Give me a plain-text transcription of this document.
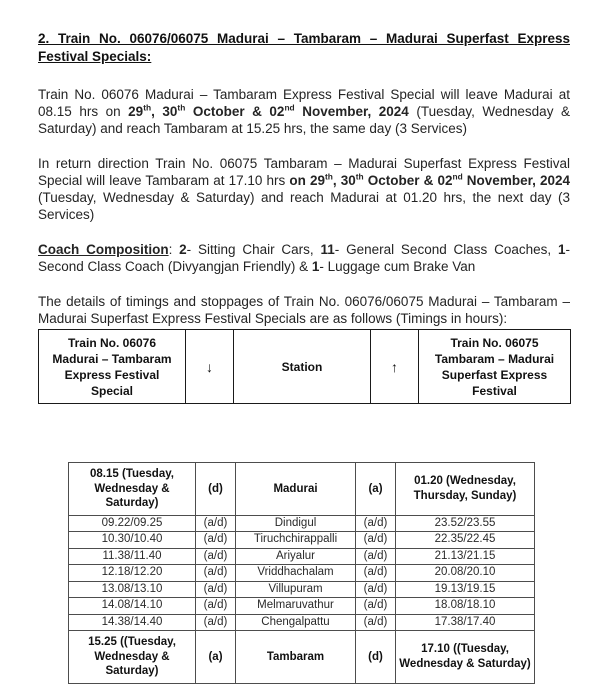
2. Train No. 06076/06075 Madurai – Tambaram – Madurai Superfast Express Festival Specials:

Train No. 06076 Madurai – Tambaram Express Festival Special will leave Madurai at 08.15 hrs on 29th, 30th October & 02nd November, 2024 (Tuesday, Wednesday & Saturday) and reach Tambaram at 15.25 hrs, the same day (3 Services)

In return direction Train No. 06075 Tambaram – Madurai Superfast Express Festival Special will leave Tambaram at 17.10 hrs on 29th, 30th October & 02nd November, 2024 (Tuesday, Wednesday & Saturday) and reach Madurai at 01.20 hrs, the next day (3 Services)

Coach Composition: 2- Sitting Chair Cars, 11- General Second Class Coaches, 1- Second Class Coach (Divyangjan Friendly) & 1- Luggage cum Brake Van

The details of timings and stoppages of Train No. 06076/06075 Madurai – Tambaram – Madurai Superfast Express Festival Specials are as follows (Timings in hours):

Train No. 06076 Madurai – Tambaram Express Festival Special	↓	Station	↑	Train No. 06075 Tambaram – Madurai Superfast Express Festival
08.15 (Tuesday, Wednesday & Saturday)	(d)	Madurai	(a)	01.20 (Wednesday, Thursday, Sunday)
09.22/09.25	(a/d)	Dindigul	(a/d)	23.52/23.55
10.30/10.40	(a/d)	Tiruchchirappalli	(a/d)	22.35/22.45
11.38/11.40	(a/d)	Ariyalur	(a/d)	21.13/21.15
12.18/12.20	(a/d)	Vriddhachalam	(a/d)	20.08/20.10
13.08/13.10	(a/d)	Villupuram	(a/d)	19.13/19.15
14.08/14.10	(a/d)	Melmaruvathur	(a/d)	18.08/18.10
14.38/14.40	(a/d)	Chengalpattu	(a/d)	17.38/17.40
15.25 ((Tuesday, Wednesday & Saturday)	(a)	Tambaram	(d)	17.10 ((Tuesday, Wednesday & Saturday)
